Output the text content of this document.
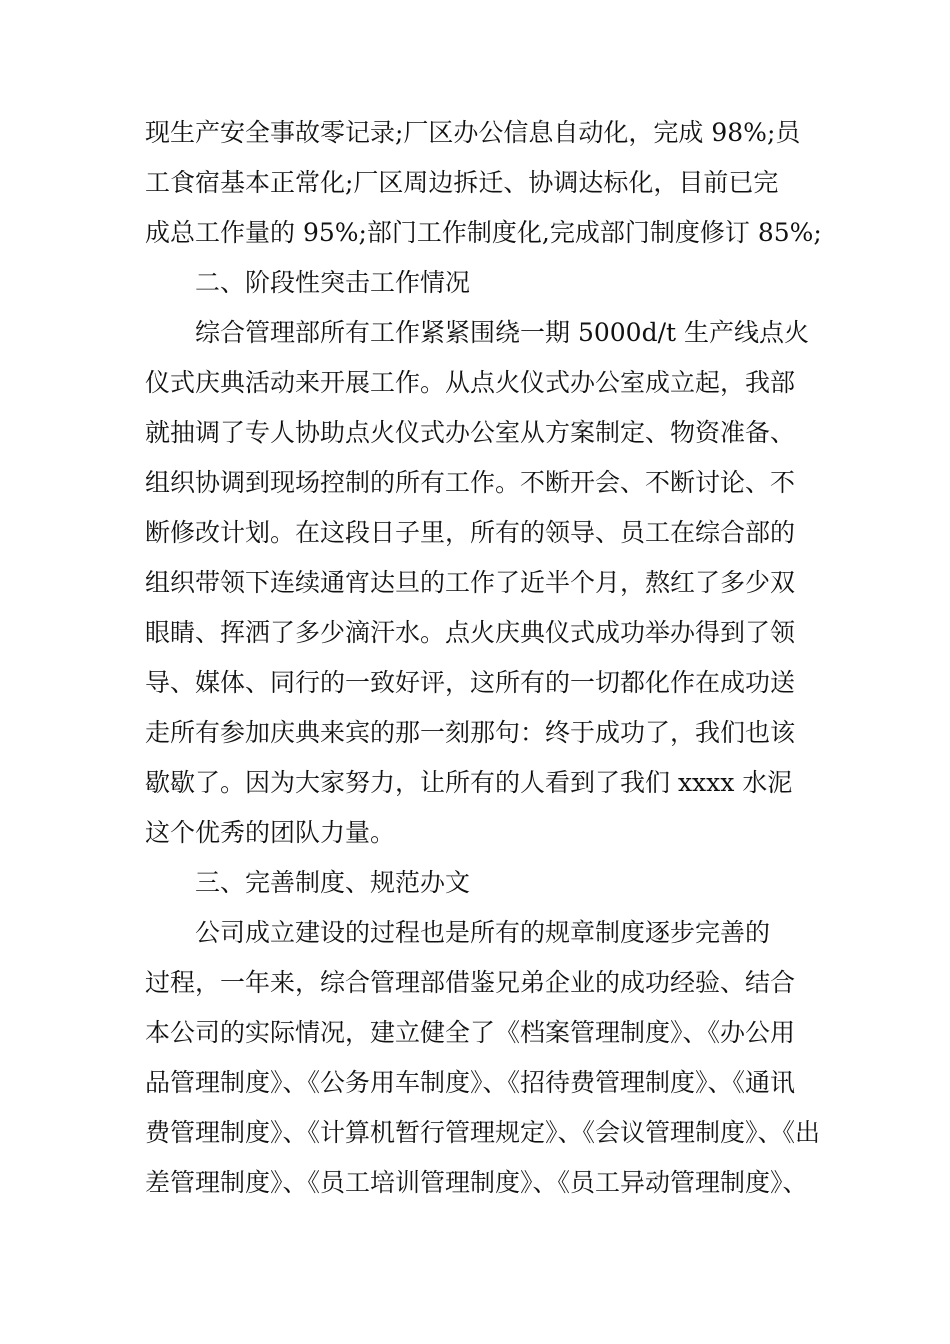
现生产安全事故零记录;厂区办公信息自动化，完成 98%;员
工食宿基本正常化;厂区周边拆迁、协调达标化，目前已完
成总工作量的 95%;部门工作制度化,完成部门制度修订 85%;
二、阶段性突击工作情况
综合管理部所有工作紧紧围绕一期 5000d/t 生产线点火
仪式庆典活动来开展工作。从点火仪式办公室成立起，我部
就抽调了专人协助点火仪式办公室从方案制定、物资准备、
组织协调到现场控制的所有工作。不断开会、不断讨论、不
断修改计划。在这段日子里，所有的领导、员工在综合部的
组织带领下连续通宵达旦的工作了近半个月，熬红了多少双
眼睛、挥洒了多少滴汗水。点火庆典仪式成功举办得到了领
导、媒体、同行的一致好评，这所有的一切都化作在成功送
走所有参加庆典来宾的那一刻那句：终于成功了，我们也该
歇歇了。因为大家努力，让所有的人看到了我们 xxxx 水泥
这个优秀的团队力量。
三、完善制度、规范办文
公司成立建设的过程也是所有的规章制度逐步完善的
过程，一年来，综合管理部借鉴兄弟企业的成功经验、结合
本公司的实际情况，建立健全了《档案管理制度》、《办公用
品管理制度》、《公务用车制度》、《招待费管理制度》、《通讯
费管理制度》、《计算机暂行管理规定》、《会议管理制度》、《出
差管理制度》、《员工培训管理制度》、《员工异动管理制度》、
